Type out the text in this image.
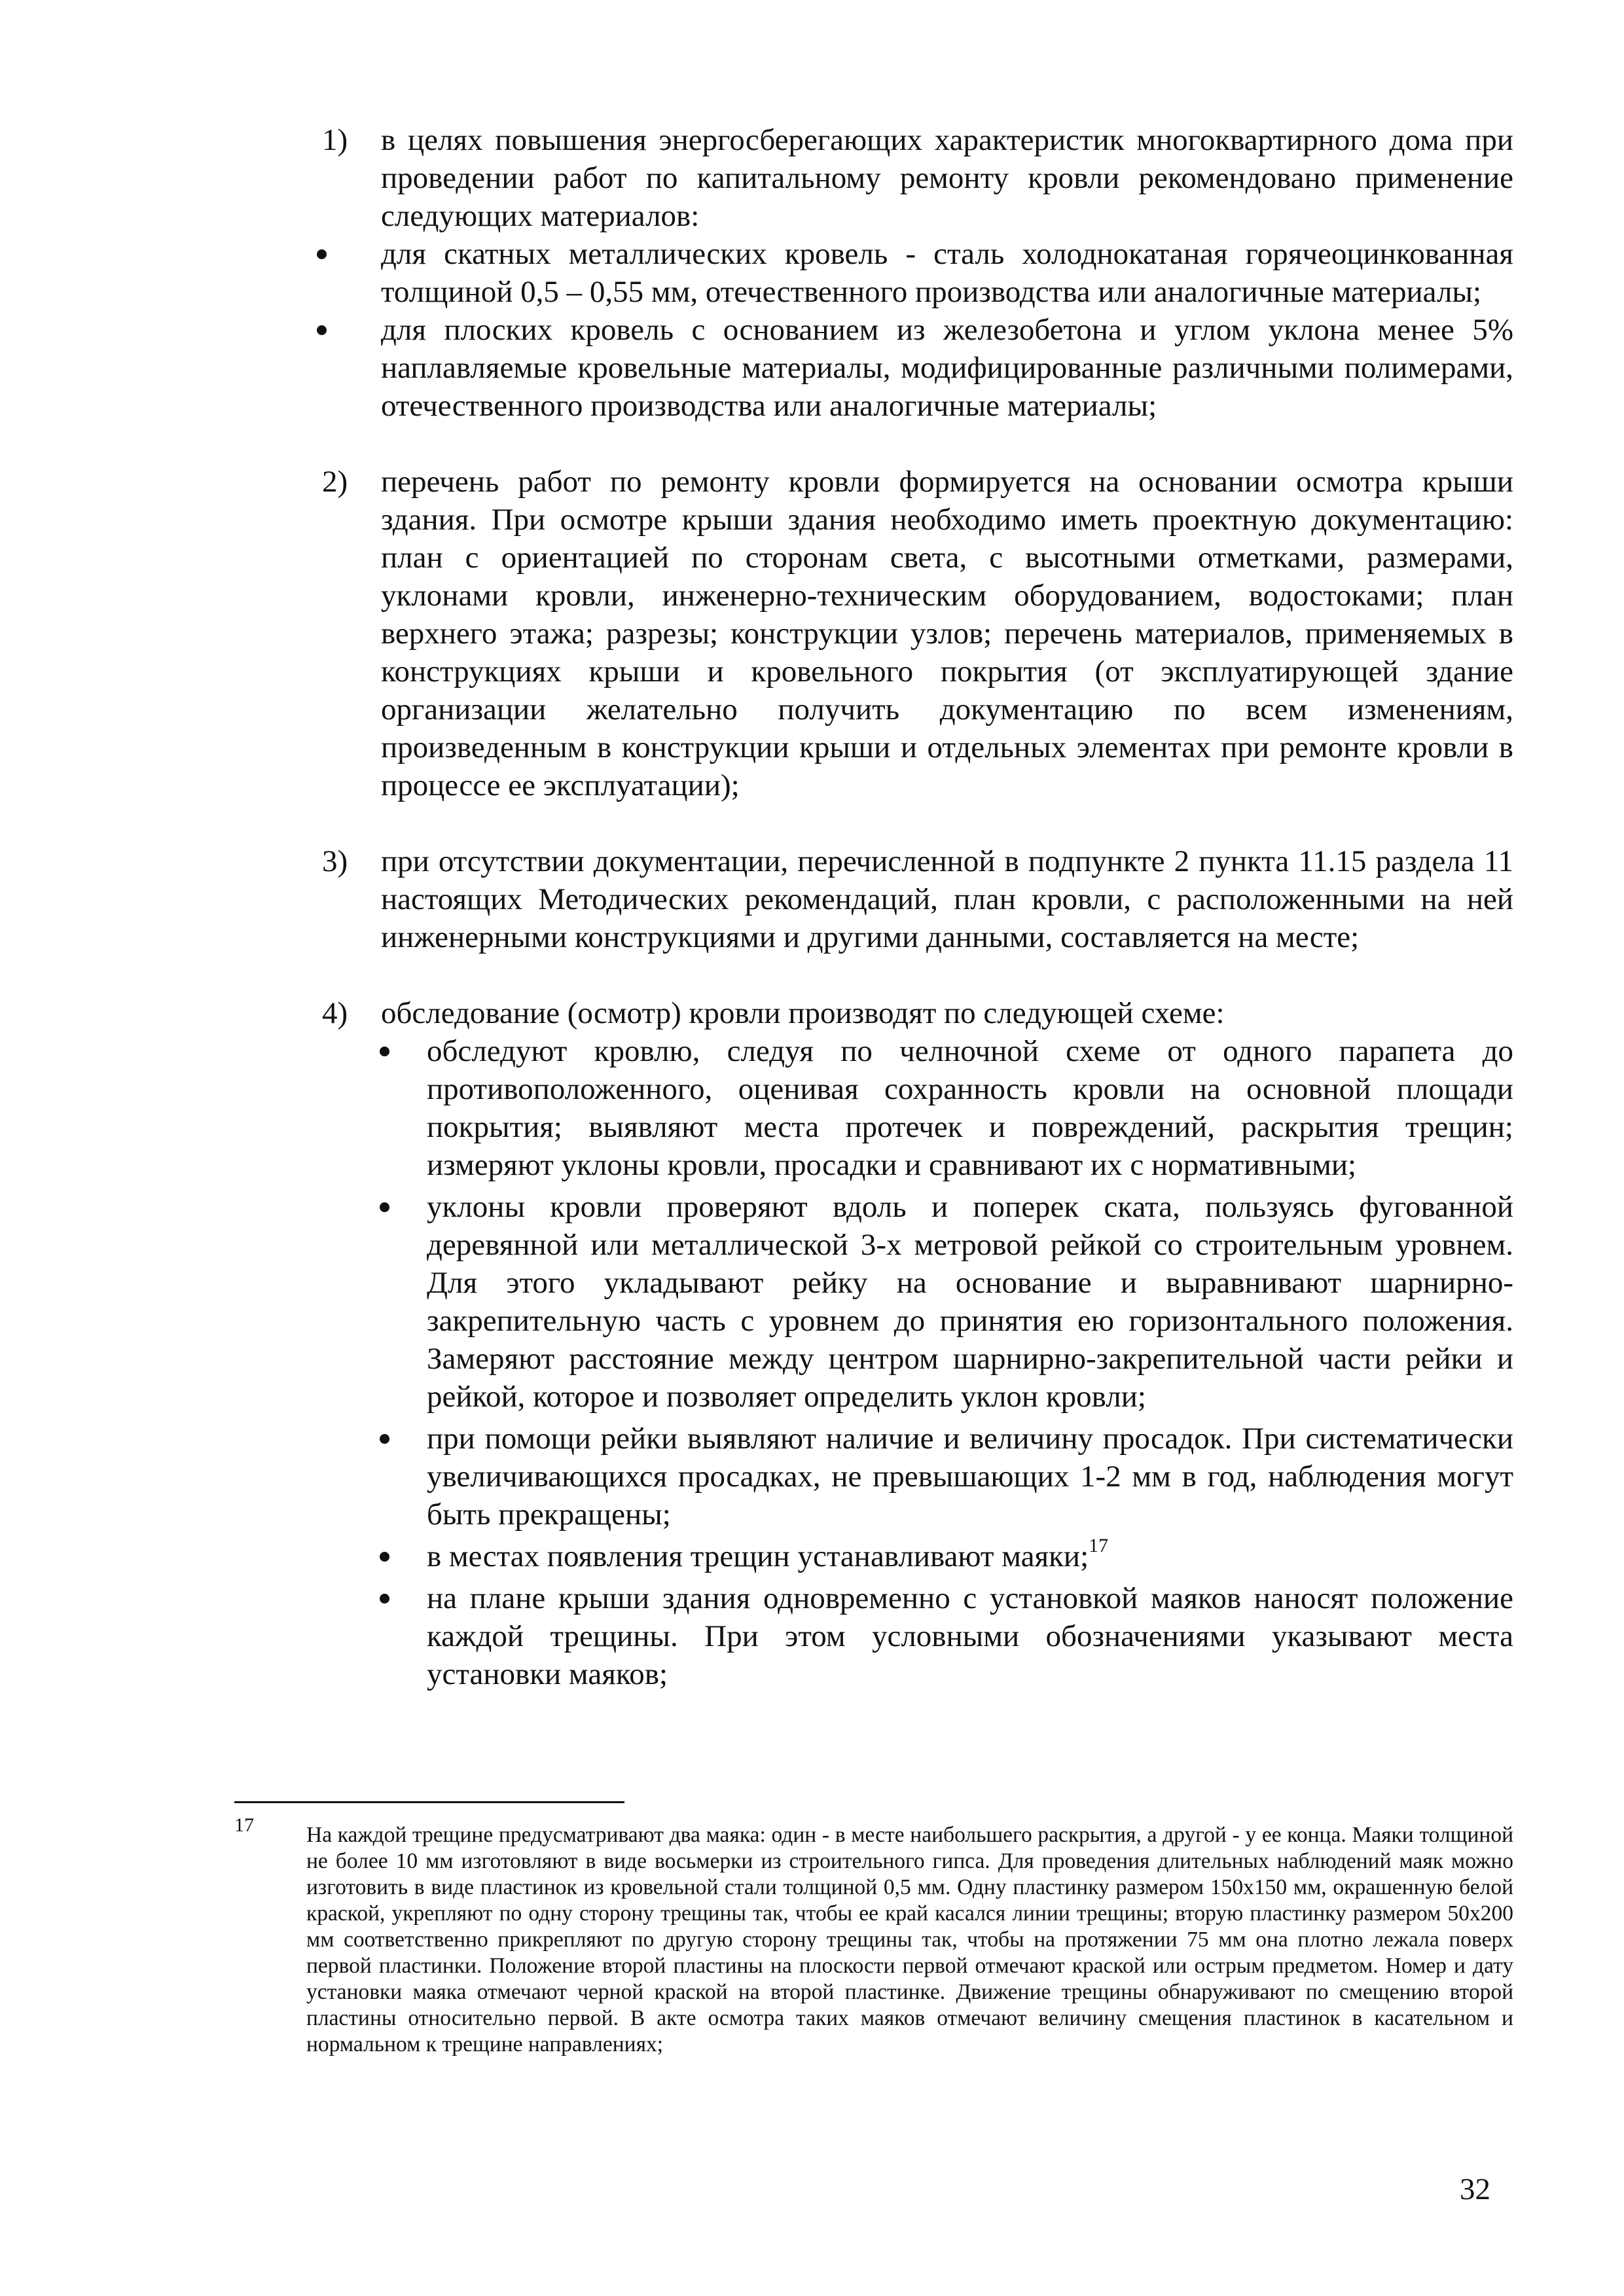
1) в целях повышения энергосберегающих характеристик многоквартирного дома при проведении работ по капитальному ремонту кровли рекомендовано применение следующих материалов:
для скатных металлических кровель - сталь холоднокатаная горячеоцинкованная толщиной 0,5 – 0,55 мм, отечественного производства или аналогичные материалы;
для плоских кровель с основанием из железобетона и углом уклона менее 5% наплавляемые кровельные материалы, модифицированные различными полимерами, отечественного производства или аналогичные материалы;
2) перечень работ по ремонту кровли формируется на основании осмотра крыши здания. При осмотре крыши здания необходимо иметь проектную документацию: план с ориентацией по сторонам света, с высотными отметками, размерами, уклонами кровли, инженерно-техническим оборудованием, водостоками; план верхнего этажа; разрезы; конструкции узлов; перечень материалов, применяемых в конструкциях крыши и кровельного покрытия (от эксплуатирующей здание организации желательно получить документацию по всем изменениям, произведенным в конструкции крыши и отдельных элементах при ремонте кровли в процессе ее эксплуатации);
3) при отсутствии документации, перечисленной в подпункте 2 пункта 11.15 раздела 11 настоящих Методических рекомендаций, план кровли, с расположенными на ней инженерными конструкциями и другими данными, составляется на месте;
4) обследование (осмотр) кровли производят по следующей схеме:
обследуют кровлю, следуя по челночной схеме от одного парапета до противоположенного, оценивая сохранность кровли на основной площади покрытия; выявляют места протечек и повреждений, раскрытия трещин; измеряют уклоны кровли, просадки и сравнивают их с нормативными;
уклоны кровли проверяют вдоль и поперек ската, пользуясь фугованной деревянной или металлической 3-х метровой рейкой со строительным уровнем. Для этого укладывают рейку на основание и выравнивают шарнирно-закрепительную часть с уровнем до принятия ею горизонтального положения. Замеряют расстояние между центром шарнирно-закрепительной части рейки и рейкой, которое и позволяет определить уклон кровли;
при помощи рейки выявляют наличие и величину просадок. При систематически увеличивающихся просадках, не превышающих 1-2 мм в год, наблюдения могут быть прекращены;
в местах появления трещин устанавливают маяки;$^{17}$
на плане крыши здания одновременно с установкой маяков наносят положение каждой трещины. При этом условными обозначениями указывают места установки маяков;
17 На каждой трещине предусматривают два маяка: один - в месте наибольшего раскрытия, а другой - у ее конца. Маяки толщиной не более 10 мм изготовляют в виде восьмерки из строительного гипса. Для проведения длительных наблюдений маяк можно изготовить в виде пластинок из кровельной стали толщиной 0,5 мм. Одну пластинку размером 150х150 мм, окрашенную белой краской, укрепляют по одну сторону трещины так, чтобы ее край касался линии трещины; вторую пластинку размером 50х200 мм соответственно прикрепляют по другую сторону трещины так, чтобы на протяжении 75 мм она плотно лежала поверх первой пластинки. Положение второй пластины на плоскости первой отмечают краской или острым предметом. Номер и дату установки маяка отмечают черной краской на второй пластинке. Движение трещины обнаруживают по смещению второй пластины относительно первой. В акте осмотра таких маяков отмечают величину смещения пластинок в касательном и нормальном к трещине направлениях;
32
